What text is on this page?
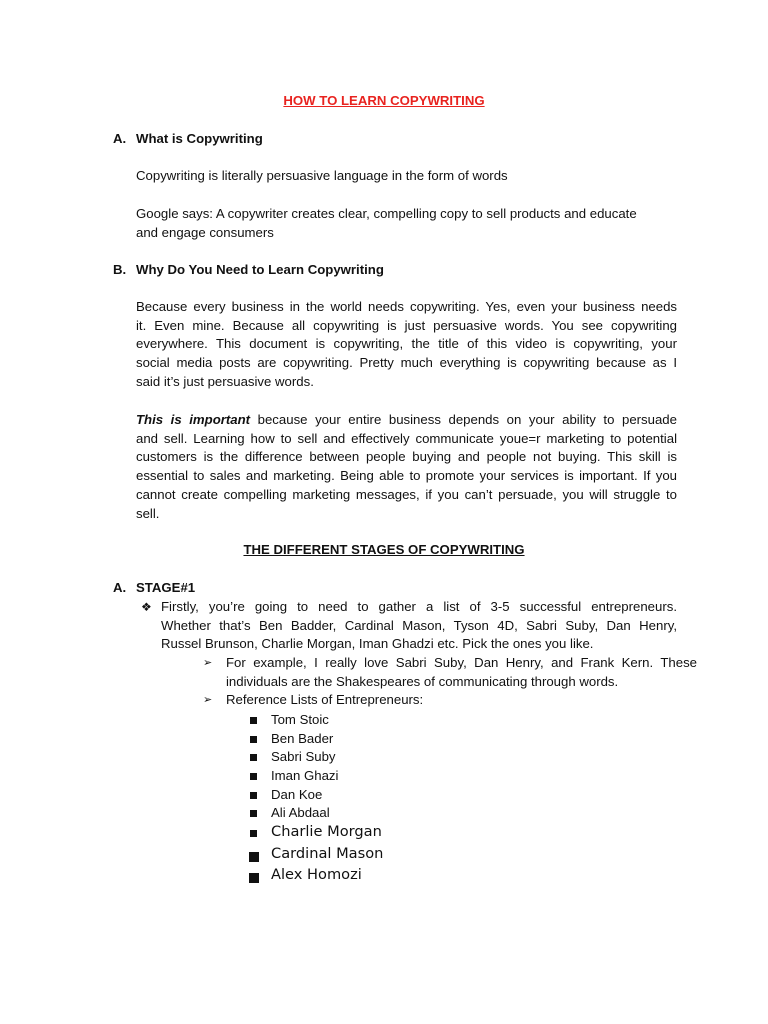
HOW TO LEARN COPYWRITING

A. What is Copywriting

Copywriting is literally persuasive language in the form of words

Google says: A copywriter creates clear, compelling copy to sell products and educate
and engage consumers

B. Why Do You Need to Learn Copywriting

Because every business in the world needs copywriting. Yes, even your business needs
it. Even mine. Because all copywriting is just persuasive words. You see copywriting
everywhere. This document is copywriting, the title of this video is copywriting, your
social media posts are copywriting. Pretty much everything is copywriting because as I
said it’s just persuasive words.
This is important because your entire business depends on your ability to persuade
and sell. Learning how to sell and effectively communicate youe=r marketing to potential
customers is the difference between people buying and people not buying. This skill is
essential to sales and marketing. Being able to promote your services is important. If you
cannot create compelling marketing messages, if you can’t persuade, you will struggle to
sell.

THE DIFFERENT STAGES OF COPYWRITING

A. STAGE#1

❖ Firstly, you’re going to need to gather a list of 3-5 successful entrepreneurs.
Whether that’s Ben Badder, Cardinal Mason, Tyson 4D, Sabri Suby, Dan Henry,
Russel Brunson, Charlie Morgan, Iman Ghadzi etc. Pick the ones you like.
➢ For example, I really love Sabri Suby, Dan Henry, and Frank Kern. These
individuals are the Shakespeares of communicating through words.
➢ Reference Lists of Entrepreneurs:
Tom Stoic
Ben Bader
Sabri Suby
Iman Ghazi
Dan Koe
Ali Abdaal
Charlie Morgan
Cardinal Mason
Alex Homozi
